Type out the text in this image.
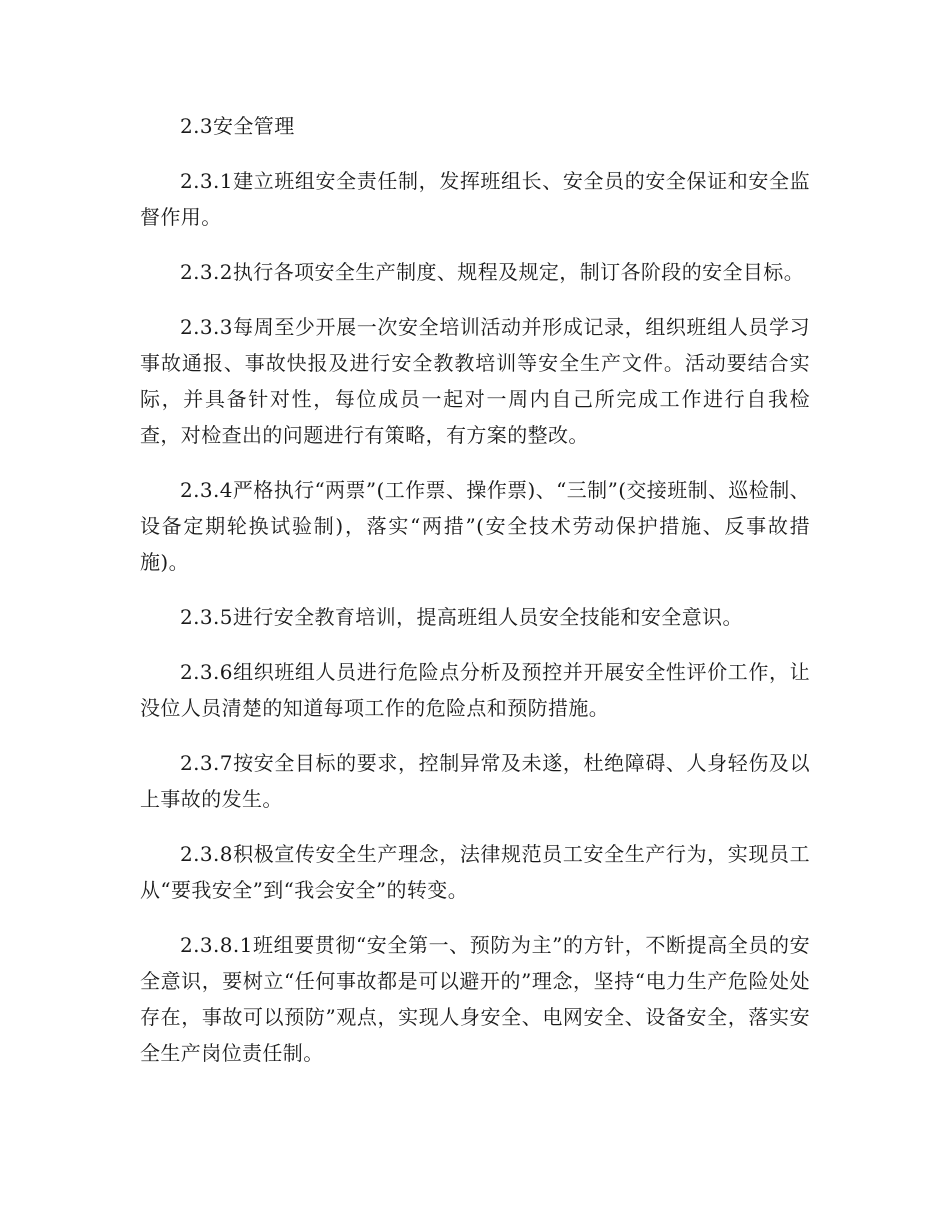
2.3安全管理

2.3.1建立班组安全责任制，发挥班组长、安全员的安全保证和安全监督作用。

2.3.2执行各项安全生产制度、规程及规定，制订各阶段的安全目标。

2.3.3每周至少开展一次安全培训活动并形成记录，组织班组人员学习事故通报、事故快报及进行安全教教培训等安全生产文件。活动要结合实际，并具备针对性，每位成员一起对一周内自己所完成工作进行自我检查，对检查出的问题进行有策略，有方案的整改。

2.3.4严格执行“两票”(工作票、操作票)、“三制”(交接班制、巡检制、设备定期轮换试验制)，落实“两措”(安全技术劳动保护措施、反事故措施)。

2.3.5进行安全教育培训，提高班组人员安全技能和安全意识。

2.3.6组织班组人员进行危险点分析及预控并开展安全性评价工作，让没位人员清楚的知道每项工作的危险点和预防措施。

2.3.7按安全目标的要求，控制异常及未遂，杜绝障碍、人身轻伤及以上事故的发生。

2.3.8积极宣传安全生产理念，法律规范员工安全生产行为，实现员工从“要我安全”到“我会安全”的转变。

2.3.8.1班组要贯彻“安全第一、预防为主”的方针，不断提高全员的安全意识，要树立“任何事故都是可以避开的”理念，坚持“电力生产危险处处存在，事故可以预防”观点，实现人身安全、电网安全、设备安全，落实安全生产岗位责任制。
